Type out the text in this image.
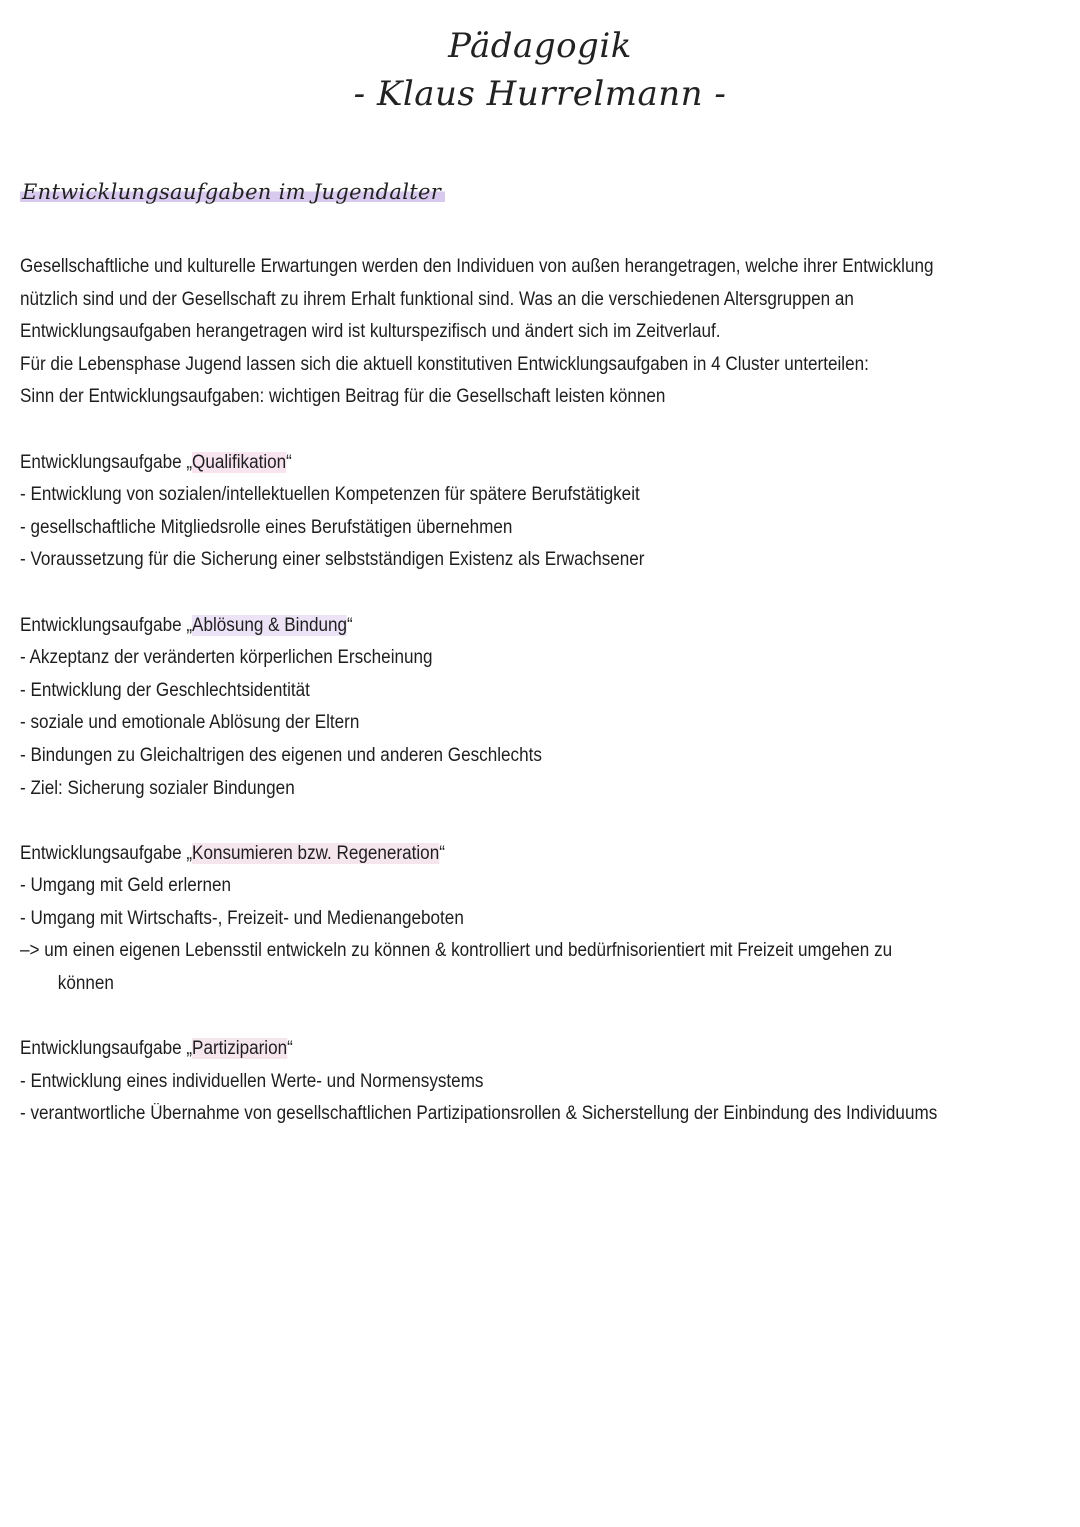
Pädagogik
- Klaus Hurrelmann -
Entwicklungsaufgaben im Jugendalter
Gesellschaftliche und kulturelle Erwartungen werden den Individuen von außen herangetragen, welche ihrer Entwicklung
nützlich sind und der Gesellschaft zu ihrem Erhalt funktional sind. Was an die verschiedenen Altersgruppen an
Entwicklungsaufgaben herangetragen wird ist kulturspezifisch und ändert sich im Zeitverlauf.
Für die Lebensphase Jugend lassen sich die aktuell konstitutiven Entwicklungsaufgaben in 4 Cluster unterteilen:
Sinn der Entwicklungsaufgaben: wichtigen Beitrag für die Gesellschaft leisten können
Entwicklungsaufgabe „Qualifikation“
- Entwicklung von sozialen/intellektuellen Kompetenzen für spätere Berufstätigkeit
- gesellschaftliche Mitgliedsrolle eines Berufstätigen übernehmen
- Voraussetzung für die Sicherung einer selbstständigen Existenz als Erwachsener
Entwicklungsaufgabe „Ablösung & Bindung“
- Akzeptanz der veränderten körperlichen Erscheinung
- Entwicklung der Geschlechtsidentität
- soziale und emotionale Ablösung der Eltern
- Bindungen zu Gleichaltrigen des eigenen und anderen Geschlechts
- Ziel: Sicherung sozialer Bindungen
Entwicklungsaufgabe „Konsumieren bzw. Regeneration“
- Umgang mit Geld erlernen
- Umgang mit Wirtschafts-, Freizeit- und Medienangeboten
–> um einen eigenen Lebensstil entwickeln zu können & kontrolliert und bedürfnisorientiert mit Freizeit umgehen zu
können
Entwicklungsaufgabe „Partiziparion“
- Entwicklung eines individuellen Werte- und Normensystems
- verantwortliche Übernahme von gesellschaftlichen Partizipationsrollen & Sicherstellung der Einbindung des Individuums
